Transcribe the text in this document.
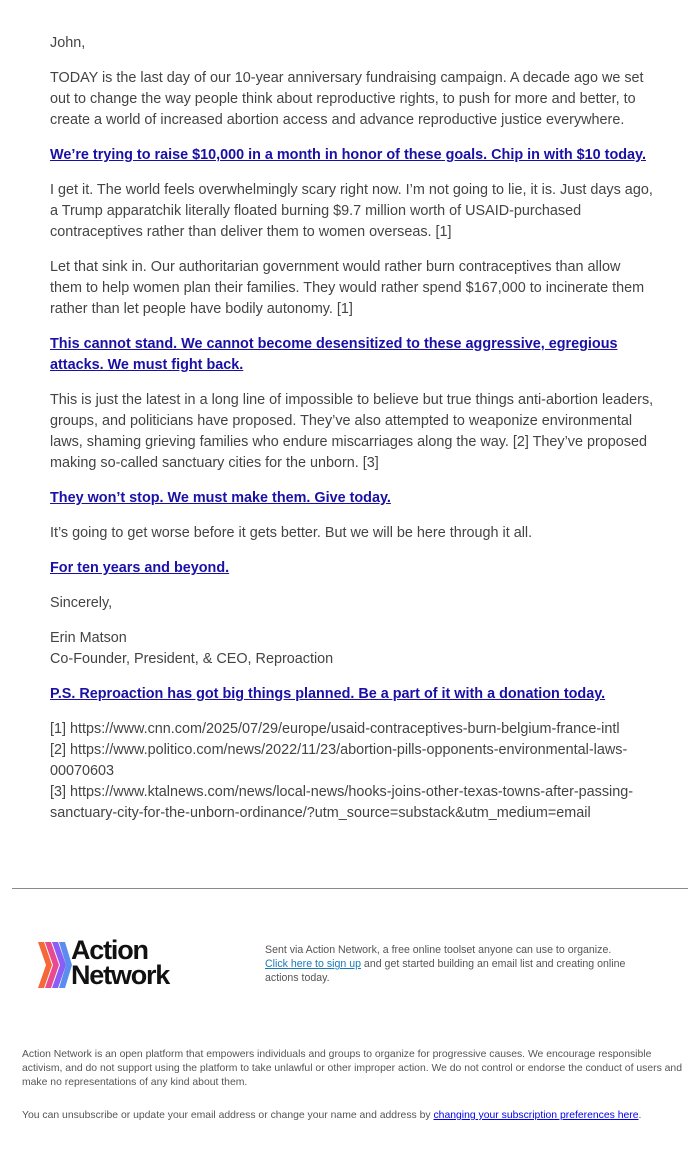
John,

TODAY is the last day of our 10-year anniversary fundraising campaign. A decade ago we set out to change the way people think about reproductive rights, to push for more and better, to create a world of increased abortion access and advance reproductive justice everywhere.

We’re trying to raise $10,000 in a month in honor of these goals. Chip in with $10 today.

I get it. The world feels overwhelmingly scary right now. I’m not going to lie, it is. Just days ago, a Trump apparatchik literally floated burning $9.7 million worth of USAID-purchased contraceptives rather than deliver them to women overseas. [1]

Let that sink in. Our authoritarian government would rather burn contraceptives than allow them to help women plan their families. They would rather spend $167,000 to incinerate them rather than let people have bodily autonomy. [1]

This cannot stand. We cannot become desensitized to these aggressive, egregious attacks. We must fight back.

This is just the latest in a long line of impossible to believe but true things anti-abortion leaders, groups, and politicians have proposed. They’ve also attempted to weaponize environmental laws, shaming grieving families who endure miscarriages along the way. [2] They’ve proposed making so-called sanctuary cities for the unborn. [3]

They won’t stop. We must make them. Give today.

It’s going to get worse before it gets better. But we will be here through it all.

For ten years and beyond.

Sincerely,

Erin Matson

Co-Founder, President, & CEO, Reproaction

P.S. Reproaction has got big things planned. Be a part of it with a donation today.
[1] https://www.cnn.com/2025/07/29/europe/usaid-contraceptives-burn-belgium-france-intl
[2] https://www.politico.com/news/2022/11/23/abortion-pills-opponents-environmental-laws-00070603
[3] https://www.ktalnews.com/news/local-news/hooks-joins-other-texas-towns-after-passing-sanctuary-city-for-the-unborn-ordinance/?utm_source=substack&utm_medium=email
Action
Network
Sent via Action Network, a free online toolset anyone can use to organize.
Click here to sign up and get started building an email list and creating online actions today.
Action Network is an open platform that empowers individuals and groups to organize for progressive causes. We encourage responsible activism, and do not support using the platform to take unlawful or other improper action. We do not control or endorse the conduct of users and make no representations of any kind about them.
You can unsubscribe or update your email address or change your name and address by changing your subscription preferences here.
